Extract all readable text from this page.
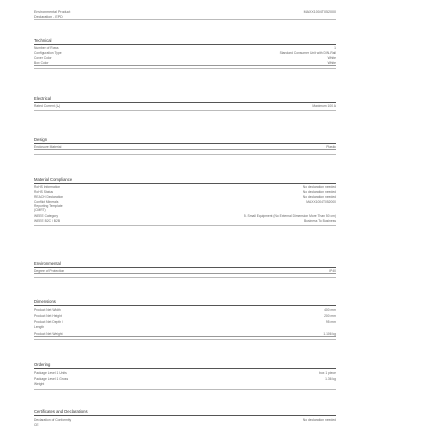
Environmental Product
Declaration - EPD
MAXX1004T052000
Technical
Number of Rows	1
Configuration Type	Standard Consumer Unit with DIN-Rail
Cover Color	White
Box Color	White
Electrical
Rated Current (Iₙ)	Maximum 100 A
Design
Enclosure Material	Plastic
Material Compliance
RoHS Information	No declaration needed
RoHS Status	No declaration needed
REACH Declaration	No declaration needed
Conflict Minerals	MAXX1004T052000
Reporting Template
(CMRT)
WEEE Category	5. Small Equipment (No External Dimension More Than 50 cm)
WEEE B2C / B2B	Business To Business
Environmental
Degree of Protection	IP40
Dimensions
Product Net Width	400 mm
Product Net Height	200 mm
Product Net Depth /	95 mm
Length
Product Net Weight	1.106 kg
Ordering
Package Level 1 Units	box 1 piece
Package Level 1 Gross	1.36 kg
Weight
Certificates and Declarations
Declaration of Conformity	No declaration needed
CE
